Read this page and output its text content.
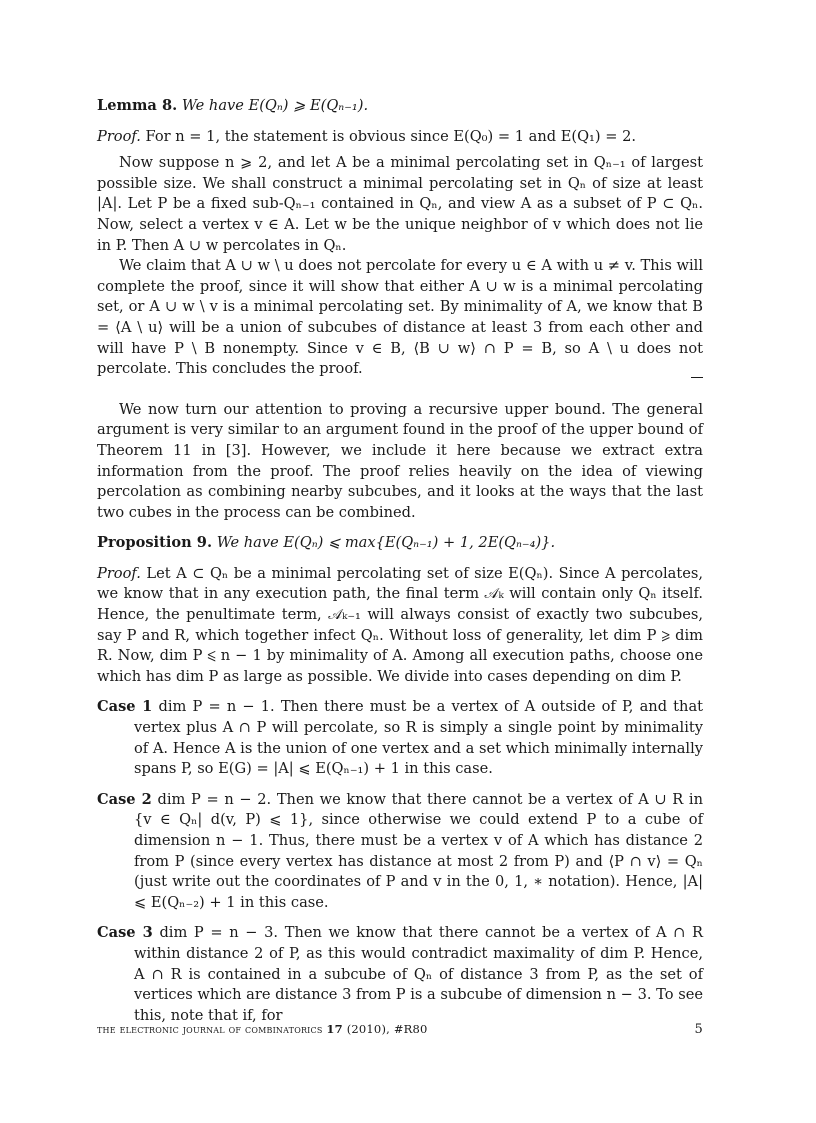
Lemma 8. We have E(Qₙ) ⩾ E(Qₙ₋₁).

Proof. For n = 1, the statement is obvious since E(Q₀) = 1 and E(Q₁) = 2.

Now suppose n ⩾ 2, and let A be a minimal percolating set in Qₙ₋₁ of largest possible size. We shall construct a minimal percolating set in Qₙ of size at least |A|. Let P be a fixed sub-Qₙ₋₁ contained in Qₙ, and view A as a subset of P ⊂ Qₙ. Now, select a vertex v ∈ A. Let w be the unique neighbor of v which does not lie in P. Then A ∪ w percolates in Qₙ.

We claim that A ∪ w \ u does not percolate for every u ∈ A with u ≠ v. This will complete the proof, since it will show that either A ∪ w is a minimal percolating set, or A ∪ w \ v is a minimal percolating set. By minimality of A, we know that B = ⟨A \ u⟩ will be a union of subcubes of distance at least 3 from each other and will have P \ B nonempty. Since v ∈ B, ⟨B ∪ w⟩ ∩ P = B, so A \ u does not percolate. This concludes the proof.

We now turn our attention to proving a recursive upper bound. The general argument is very similar to an argument found in the proof of the upper bound of Theorem 11 in [3]. However, we include it here because we extract extra information from the proof. The proof relies heavily on the idea of viewing percolation as combining nearby subcubes, and it looks at the ways that the last two cubes in the process can be combined.

Proposition 9. We have E(Qₙ) ⩽ max{E(Qₙ₋₁) + 1, 2E(Qₙ₋₄)}.

Proof. Let A ⊂ Qₙ be a minimal percolating set of size E(Qₙ). Since A percolates, we know that in any execution path, the final term 𝒜ₖ will contain only Qₙ itself. Hence, the penultimate term, 𝒜ₖ₋₁ will always consist of exactly two subcubes, say P and R, which together infect Qₙ. Without loss of generality, let dim P ⩾ dim R. Now, dim P ⩽ n − 1 by minimality of A. Among all execution paths, choose one which has dim P as large as possible. We divide into cases depending on dim P.

Case 1 dim P = n − 1. Then there must be a vertex of A outside of P, and that vertex plus A ∩ P will percolate, so R is simply a single point by minimality of A. Hence A is the union of one vertex and a set which minimally internally spans P, so E(G) = |A| ⩽ E(Qₙ₋₁) + 1 in this case.

Case 2 dim P = n − 2. Then we know that there cannot be a vertex of A ∪ R in {v ∈ Qₙ| d(v, P) ⩽ 1}, since otherwise we could extend P to a cube of dimension n − 1. Thus, there must be a vertex v of A which has distance 2 from P (since every vertex has distance at most 2 from P) and ⟨P ∩ v⟩ = Qₙ (just write out the coordinates of P and v in the 0, 1, ∗ notation). Hence, |A| ⩽ E(Qₙ₋₂) + 1 in this case.

Case 3 dim P = n − 3. Then we know that there cannot be a vertex of A ∩ R within distance 2 of P, as this would contradict maximality of dim P. Hence, A ∩ R is contained in a subcube of Qₙ of distance 3 from P, as the set of vertices which are distance 3 from P is a subcube of dimension n − 3. To see this, note that if, for

the electronic journal of combinatorics 17 (2010), #R80	5
